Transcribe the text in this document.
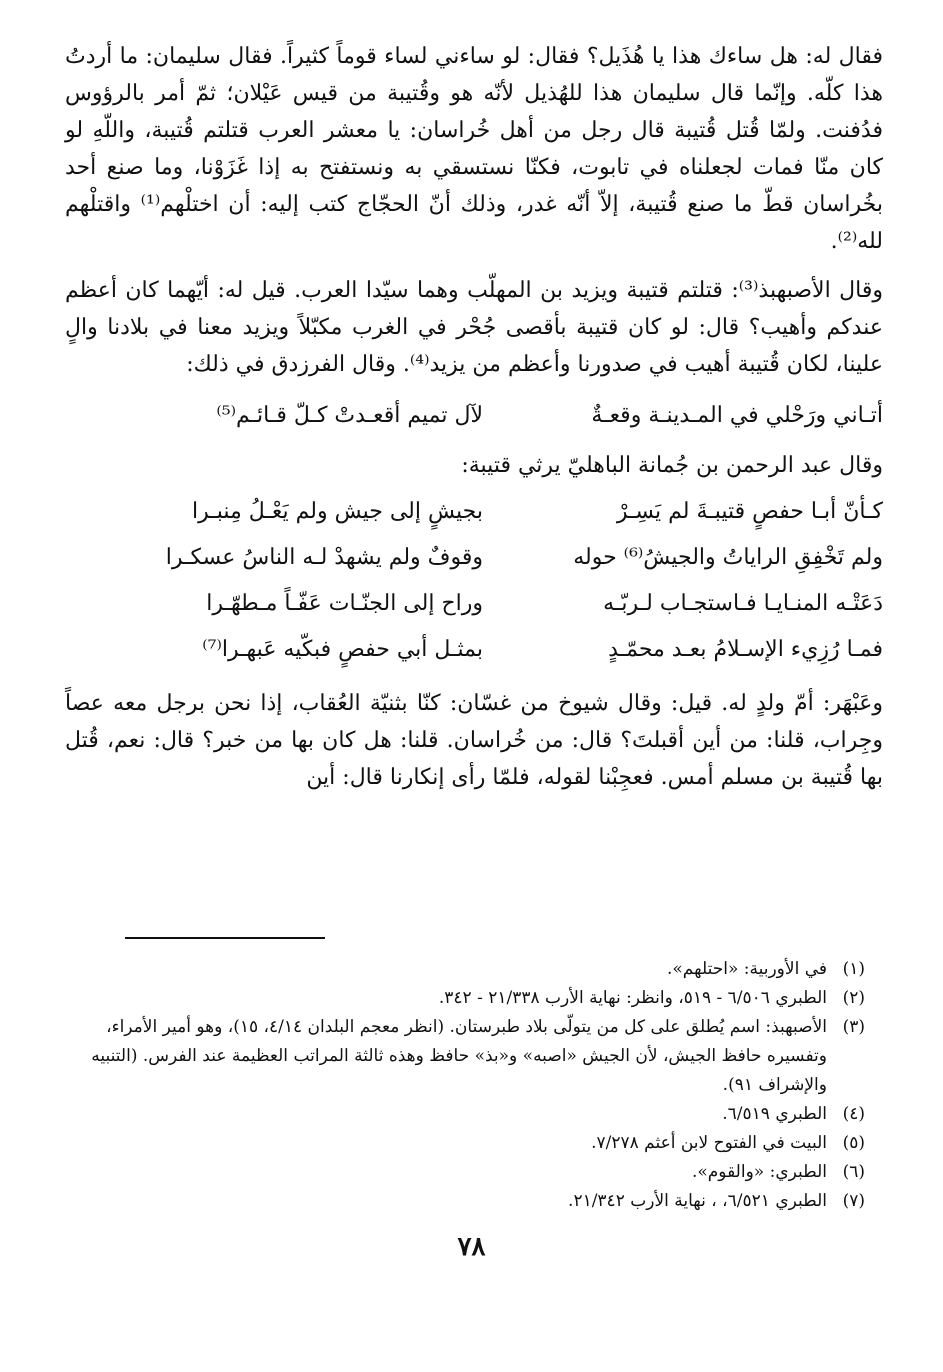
فقال له: هل ساءك هذا يا هُذَيل؟ فقال: لو ساءني لساء قوماً كثيراً. فقال سليمان: ما أردتُ هذا كلّه. وإنّما قال سليمان هذا للهُذيل لأنّه هو وقُتيبة من قيس عَيْلان؛ ثمّ أمر بالرؤوس فدُفنت. ولمّا قُتل قُتيبة قال رجل من أهل خُراسان: يا معشر العرب قتلتم قُتيبة، واللّهِ لو كان منّا فمات لجعلناه في تابوت، فكنّا نستسقي به ونستفتح به إذا غَزَوْنا، وما صنع أحد بخُراسان قطّ ما صنع قُتيبة، إلاّ أنّه غدر، وذلك أنّ الحجّاج كتب إليه: أن اختلْهم⁽¹⁾ واقتلْهم لله⁽²⁾.

وقال الأصبهبذ⁽³⁾: قتلتم قتيبة ويزيد بن المهلّب وهما سيّدا العرب. قيل له: أيّهما كان أعظم عندكم وأهيب؟ قال: لو كان قتيبة بأقصى جُحْر في الغرب مكبّلاً ويزيد معنا في بلادنا والٍ علينا، لكان قُتيبة أهيب في صدورنا وأعظم من يزيد⁽⁴⁾. وقال الفرزدق في ذلك:

أتـاني ورَحْلي في المـدينـة وقعـةٌ
لآل تميم أقعـدتْ كـلّ قـائـم⁽⁵⁾

وقال عبد الرحمن بن جُمانة الباهليّ يرثي قتيبة:

كـأنّ أبـا حفصٍ قتيبـةَ لم يَسِـرْ
بجيشٍ إلى جيش ولم يَعْـلُ مِنبـرا
ولم تَخْفِقِ الراياتُ والجيشُ⁽⁶⁾ حوله
وقوفٌ ولم يشهدْ لـه الناسُ عسكـرا
دَعَتْـه المنـايـا فـاستجـاب لـربّـه
وراح إلى الجنّـات عَفّـاً مـطهّـرا
فمـا رُزِيء الإسـلامُ بعـد محمّـدٍ
بمثـل أبي حفصٍ فبكّيه عَبهـرا⁽⁷⁾

وعَبْهَر: أمّ ولدٍ له. قيل: وقال شيوخ من غسّان: كنّا بثنيّة العُقاب، إذا نحن برجل معه عصاً وجِراب، قلنا: من أين أقبلتَ؟ قال: من خُراسان. قلنا: هل كان بها من خبر؟ قال: نعم، قُتل بها قُتيبة بن مسلم أمس. فعجِبْنا لقوله، فلمّا رأى إنكارنا قال: أين

(١)
في الأوربية: «احتلهم».
(٢)
الطبري ٦/٥٠٦ - ٥١٩، وانظر: نهاية الأرب ٢١/٣٣٨ - ٣٤٢.
(٣)
الأصبهبذ: اسم يُطلق على كل من يتولّى بلاد طبرستان. (انظر معجم البلدان ٤/١٤، ١٥)، وهو أمير الأمراء، وتفسيره حافظ الجيش، لأن الجيش «اصبه» و«بذ» حافظ وهذه ثالثة المراتب العظيمة عند الفرس. (التنبيه والإشراف ٩١).
(٤)
الطبري ٦/٥١٩.
(٥)
البيت في الفتوح لابن أعثم ٧/٢٧٨.
(٦)
الطبري: «والقوم».
(٧)
الطبري ٦/٥٢١، ، نهاية الأرب ٢١/٣٤٢.
٧٨
